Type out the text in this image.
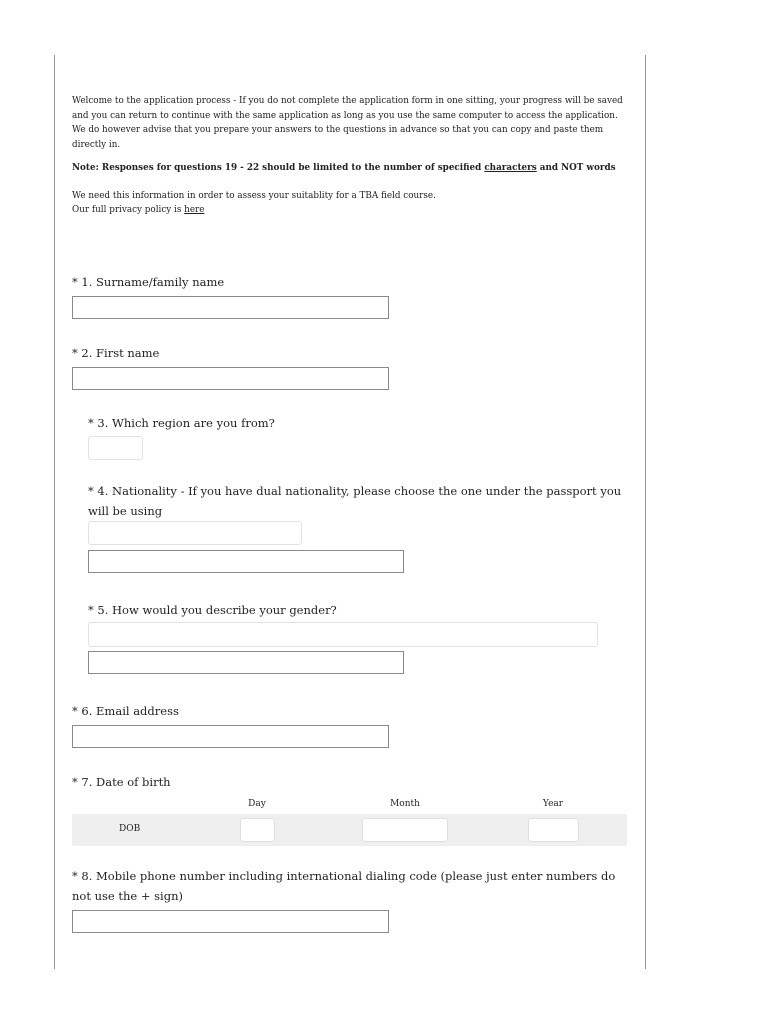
Welcome to the application process - If you do not complete the application form in one sitting, your progress will be saved and you can return to continue with the same application as long as you use the same computer to access the application. We do however advise that you prepare your answers to the questions in advance so that you can copy and paste them directly in.

Note: Responses for questions 19 - 22 should be limited to the number of specified characters and NOT words

We need this information in order to assess your suitablity for a TBA field course.

Our full privacy policy is here

* 1. Surname/family name

* 2. First name

* 3. Which region are you from?

* 4. Nationality - If you have dual nationality, please choose the one under the passport you will be using

* 5. How would you describe your gender?

* 6. Email address

* 7. Date of birth

Day	Month	Year
DOB

* 8. Mobile phone number including international dialing code (please just enter numbers do not use the + sign)
